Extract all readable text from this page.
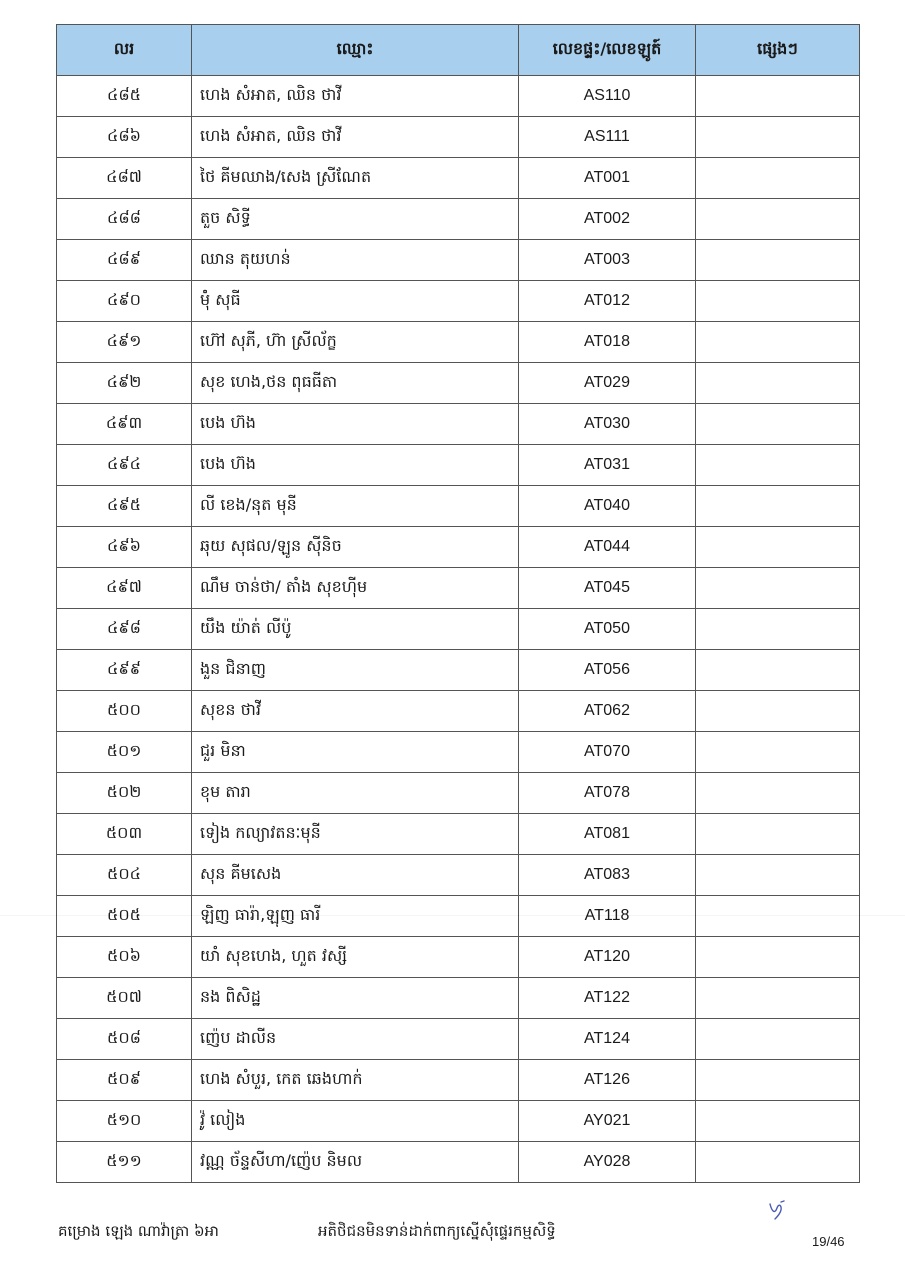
លរ	ឈ្មោះ	លេខផ្ទះ/លេខឡូត៍	ផ្សេងៗ
៤៨៥	ហេង សំអាត, ឈិន ថាវី	AS110	
៤៨៦	ហេង សំអាត, ឈិន ថាវី	AS111	
៤៨៧	ថៃ គីមឈាង/សេង ស្រីណែត	AT001	
៤៨៨	តួច សិទ្ធី	AT002	
៤៨៩	ឈាន តុយហន់	AT003	
៤៩០	ម៉ុំ សុធី	AT012	
៤៩១	ហ៊ៅ សុភី, ហ៊ា ស្រីល័ក្ខ	AT018	
៤៩២	សុខ ហេង,ថន ពុធធីតា	AT029	
៤៩៣	បេង ហ៊ង	AT030	
៤៩៤	បេង ហ៊ង	AT031	
៤៩៥	លី ខេង/នុត មុនី	AT040	
៤៩៦	ឆុយ សុផល/ឡូន ស៊ីនិច	AT044	
៤៩៧	ណឹម ចាន់ថា/ តាំង សុខហ៊ីម	AT045	
៤៩៨	យឹង យ៉ាត់ លីប៉ូ	AT050	
៤៩៩	ងួន ជិនាញ	AT056	
៥០០	សុខន ថាវី	AT062	
៥០១	ជួរ មិនា	AT070	
៥០២	ខុម តារា	AT078	
៥០៣	ទៀង កល្យាវតនៈមុនី	AT081	
៥០៤	សុន គីមសេង	AT083	
៥០៥	ឡិញ ធារ៉ា,ឡុញ ធារី	AT118	
៥០៦	យាំ សុខហេង, ហួត វស្សី	AT120	
៥០៧	នង ពិសិដ្ឋ	AT122	
៥០៨	ញ៉េប ដាលីន	AT124	
៥០៩	ហេង សំបួរ, កេត ឆេងហាក់	AT126	
៥១០	វ៉ូ លៀង	AY021	
៥១១	វណ្ណ ច័ន្ទសីហា/ញ៉េប និមល	AY028	
គម្រោង ឡេង ណាវ៉ាត្រា ៦អា	អតិថិជនមិនទាន់ដាក់ពាក្យស្នើសុំផ្ទេរកម្មសិទ្ធិ
19/46
